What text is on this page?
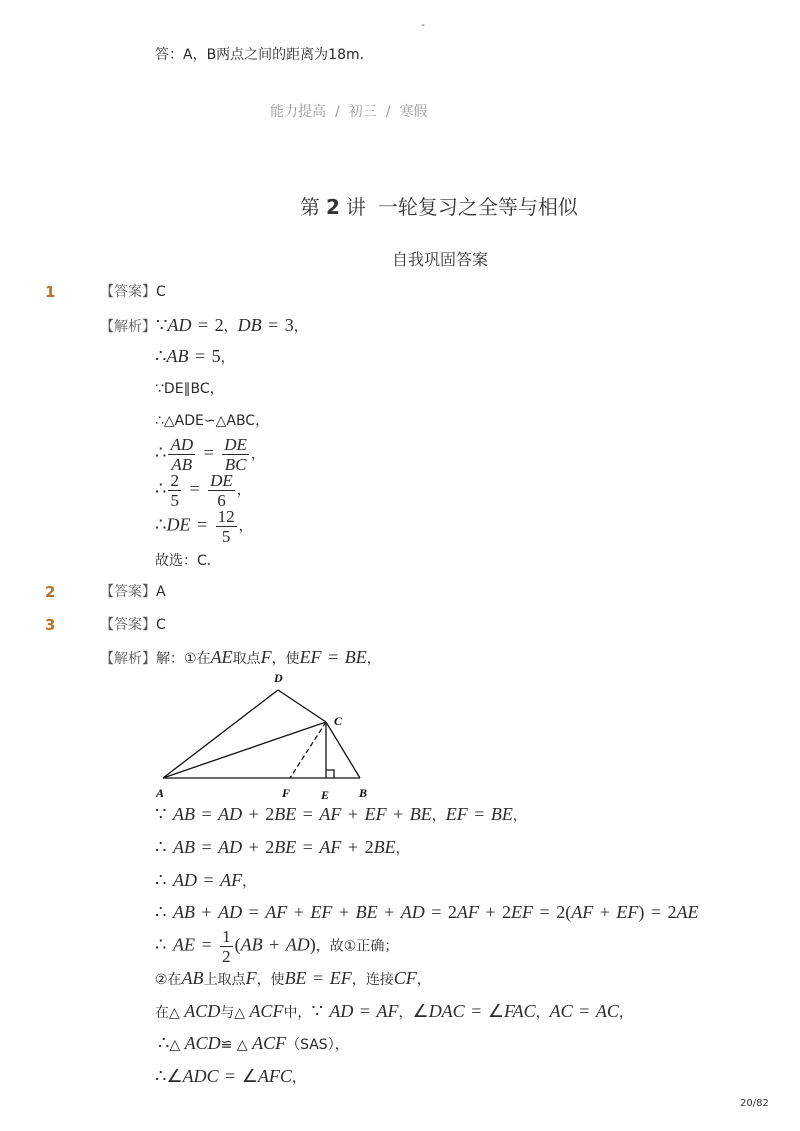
-
答：A，B两点之间的距离为18m．
能力提高 / 初三 / 寒假
第 2 讲 一轮复习之全等与相似
自我巩固答案
1	【答案】C
【解析】∵AD = 2，DB = 3，
∴AB = 5，
∵DE∥BC，
∴△ADE∽△ABC，
∴ $\frac{AD}{AB} = \frac{DE}{BC}$ ，
∴ $\frac{2}{5} = \frac{DE}{6}$ ，
∴DE = $\frac{12}{5}$ ，
故选：C．
2	【答案】A
3	【答案】C
【解析】解：①在AE取点F，使EF = BE，
D
C
A	F	E B
∵ AB = AD + 2BE = AF + EF + BE，EF = BE，
∴ AB = AD + 2BE = AF + 2BE，
∴ AD = AF，
∴ AB + AD = AF + EF + BE + AD = 2AF + 2EF = 2(AF + EF) = 2AE
∴ AE = $\frac{1}{2} (AB + AD)$，故①正确；
②在AB上取点F，使BE = EF，连接CF，
在△ ACD与△ ACF中，∵ AD = AF，∠DAC = ∠FAC，AC = AC，
∴△ ACD≌ △ ACF（SAS），
∴∠ADC = ∠AFC，
20/82
